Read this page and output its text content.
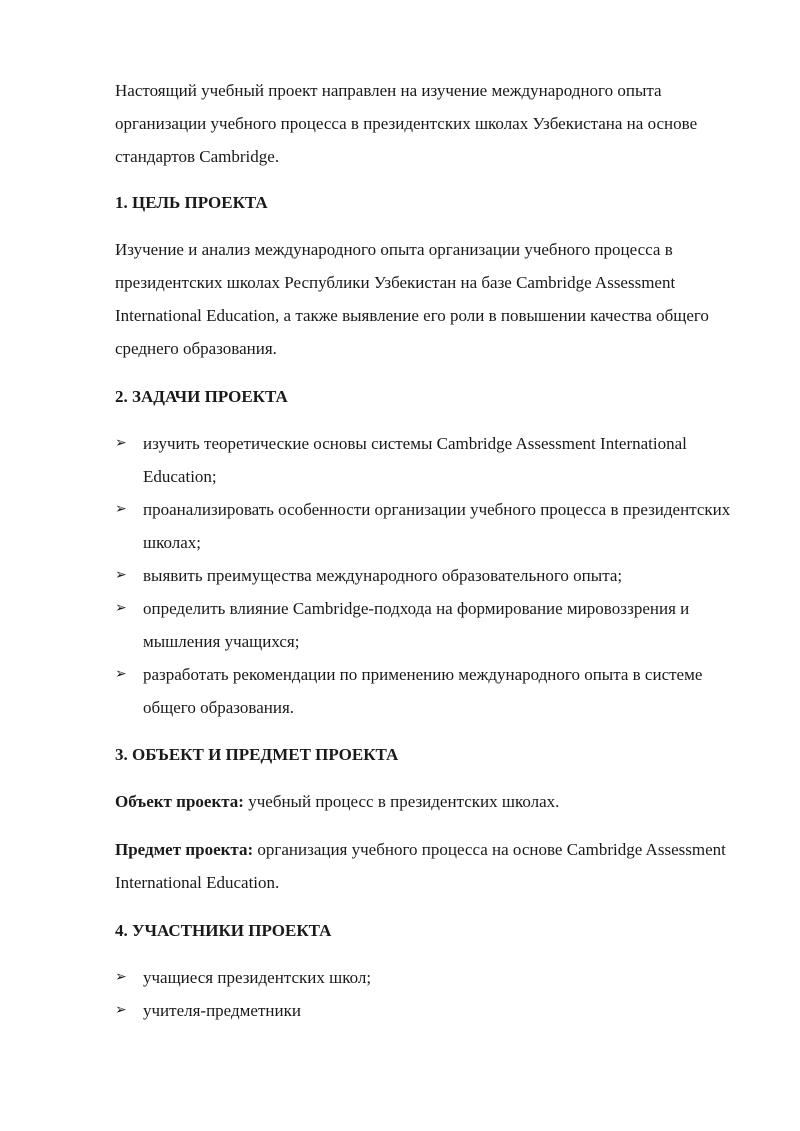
Настоящий учебный проект направлен на изучение международного опыта организации учебного процесса в президентских школах Узбекистана на основе стандартов Cambridge.

1. ЦЕЛЬ ПРОЕКТА

Изучение и анализ международного опыта организации учебного процесса в президентских школах Республики Узбекистан на базе Cambridge Assessment International Education, а также выявление его роли в повышении качества общего среднего образования.

2. ЗАДАЧИ ПРОЕКТА

➢ изучить теоретические основы системы Cambridge Assessment International Education;
➢ проанализировать особенности организации учебного процесса в президентских школах;
➢ выявить преимущества международного образовательного опыта;
➢ определить влияние Cambridge-подхода на формирование мировоззрения и мышления учащихся;
➢ разработать рекомендации по применению международного опыта в системе общего образования.

3. ОБЪЕКТ И ПРЕДМЕТ ПРОЕКТА

Объект проекта: учебный процесс в президентских школах.

Предмет проекта: организация учебного процесса на основе Cambridge Assessment International Education.

4. УЧАСТНИКИ ПРОЕКТА

➢ учащиеся президентских школ;
➢ учителя-предметники
